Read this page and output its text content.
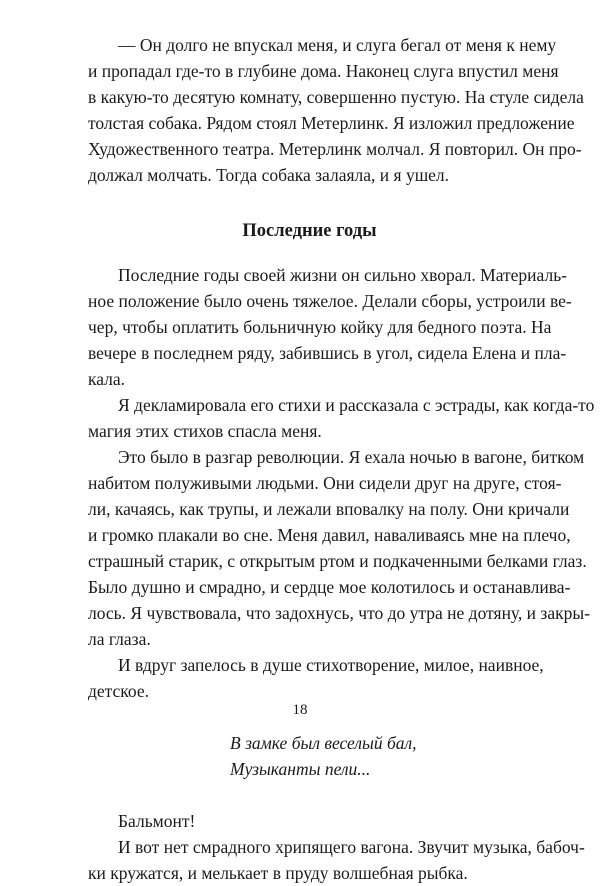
— Он долго не впускал меня, и слуга бегал от меня к нему
и пропадал где-то в глубине дома. Наконец слуга впустил меня
в какую-то десятую комнату, совершенно пустую. На стуле сидела
толстая собака. Рядом стоял Метерлинк. Я изложил предложение
Художественного театра. Метерлинк молчал. Я повторил. Он про-
должал молчать. Тогда собака залаяла, и я ушел.
Последние годы
Последние годы своей жизни он сильно хворал. Материаль-
ное положение было очень тяжелое. Делали сборы, устроили ве-
чер, чтобы оплатить больничную койку для бедного поэта. На
вечере в последнем ряду, забившись в угол, сидела Елена и пла-
кала.
Я декламировала его стихи и рассказала с эстрады, как когда-то
магия этих стихов спасла меня.
Это было в разгар революции. Я ехала ночью в вагоне, битком
набитом полуживыми людьми. Они сидели друг на друге, стоя-
ли, качаясь, как трупы, и лежали вповалку на полу. Они кричали
и громко плакали во сне. Меня давил, наваливаясь мне на плечо,
страшный старик, с открытым ртом и подкаченными белками глаз.
Было душно и смрадно, и сердце мое колотилось и останавлива-
лось. Я чувствовала, что задохнусь, что до утра не дотяну, и закры-
ла глаза.
И вдруг запелось в душе стихотворение, милое, наивное,
детское.
В замке был веселый бал,
Музыканты пели...
Бальмонт!
И вот нет смрадного хрипящего вагона. Звучит музыка, бабоч-
ки кружатся, и мелькает в пруду волшебная рыбка.
18
